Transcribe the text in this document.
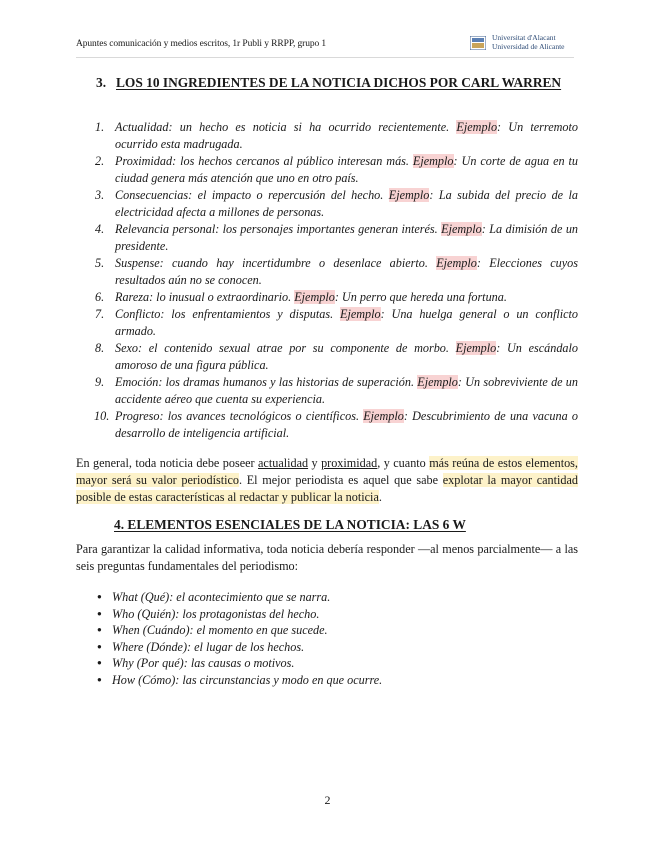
Apuntes comunicación y medios escritos, 1r Publi y RRPP, grupo 1
Universitat d'Alacant
Universidad de Alicante
3. LOS 10 INGREDIENTES DE LA NOTICIA DICHOS POR CARL WARREN
1. Actualidad: un hecho es noticia si ha ocurrido recientemente. Ejemplo: Un terremoto ocurrido esta madrugada.
2. Proximidad: los hechos cercanos al público interesan más. Ejemplo: Un corte de agua en tu ciudad genera más atención que uno en otro país.
3. Consecuencias: el impacto o repercusión del hecho. Ejemplo: La subida del precio de la electricidad afecta a millones de personas.
4. Relevancia personal: los personajes importantes generan interés. Ejemplo: La dimisión de un presidente.
5. Suspense: cuando hay incertidumbre o desenlace abierto. Ejemplo: Elecciones cuyos resultados aún no se conocen.
6. Rareza: lo inusual o extraordinario. Ejemplo: Un perro que hereda una fortuna.
7. Conflicto: los enfrentamientos y disputas. Ejemplo: Una huelga general o un conflicto armado.
8. Sexo: el contenido sexual atrae por su componente de morbo. Ejemplo: Un escándalo amoroso de una figura pública.
9. Emoción: los dramas humanos y las historias de superación. Ejemplo: Un sobreviviente de un accidente aéreo que cuenta su experiencia.
10. Progreso: los avances tecnológicos o científicos. Ejemplo: Descubrimiento de una vacuna o desarrollo de inteligencia artificial.

En general, toda noticia debe poseer actualidad y proximidad, y cuanto más reúna de estos elementos, mayor será su valor periodístico. El mejor periodista es aquel que sabe explotar la mayor cantidad posible de estas características al redactar y publicar la noticia.

4. ELEMENTOS ESENCIALES DE LA NOTICIA: LAS 6 W

Para garantizar la calidad informativa, toda noticia debería responder —al menos parcialmente— a las seis preguntas fundamentales del periodismo:

● What (Qué): el acontecimiento que se narra.
● Who (Quién): los protagonistas del hecho.
● When (Cuándo): el momento en que sucede.
● Where (Dónde): el lugar de los hechos.
● Why (Por qué): las causas o motivos.
● How (Cómo): las circunstancias y modo en que ocurre.
2
